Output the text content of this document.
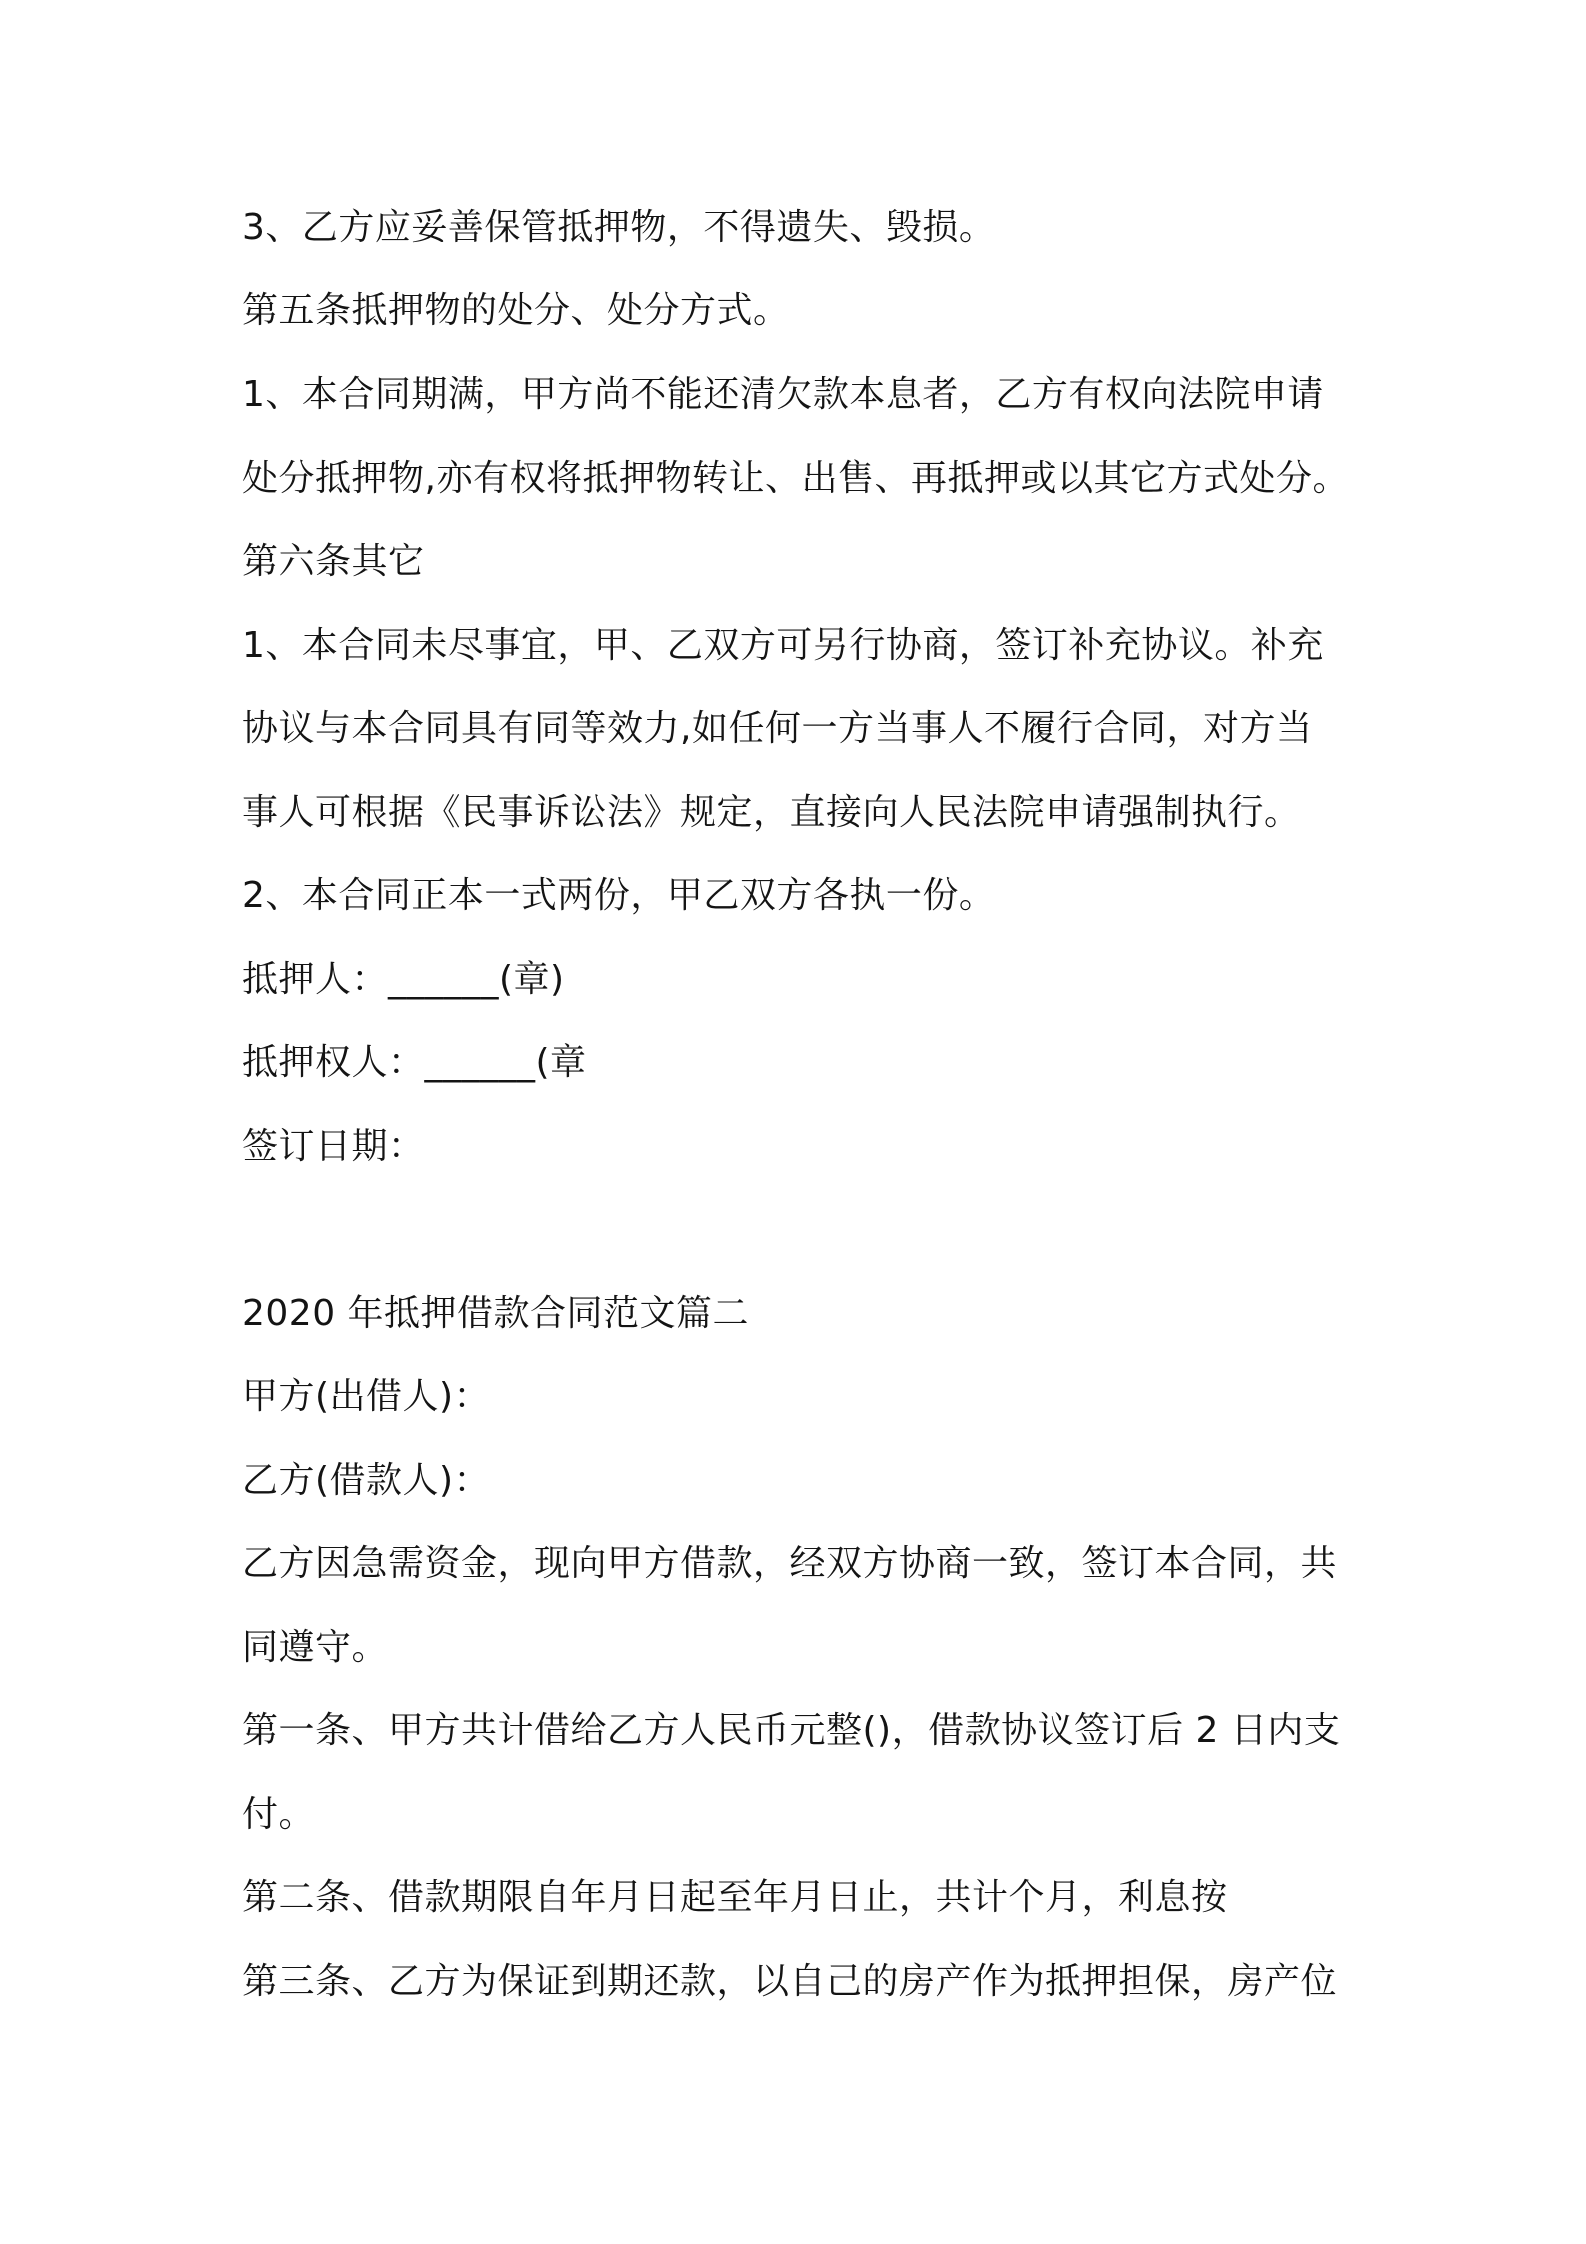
3、乙方应妥善保管抵押物，不得遗失、毁损。
第五条抵押物的处分、处分方式。
1、本合同期满，甲方尚不能还清欠款本息者，乙方有权向法院申请
处分抵押物,亦有权将抵押物转让、出售、再抵押或以其它方式处分。
第六条其它
1、本合同未尽事宜，甲、乙双方可另行协商，签订补充协议。补充
协议与本合同具有同等效力,如任何一方当事人不履行合同，对方当
事人可根据《民事诉讼法》规定，直接向人民法院申请强制执行。
2、本合同正本一式两份，甲乙双方各执一份。
抵押人：______(章)
抵押权人：______(章
签订日期：
2020 年抵押借款合同范文篇二
甲方(出借人)：
乙方(借款人)：
乙方因急需资金，现向甲方借款，经双方协商一致，签订本合同，共
同遵守。
第一条、甲方共计借给乙方人民币元整()，借款协议签订后 2 日内支
付。
第二条、借款期限自年月日起至年月日止，共计个月，利息按
第三条、乙方为保证到期还款，以自己的房产作为抵押担保，房产位
